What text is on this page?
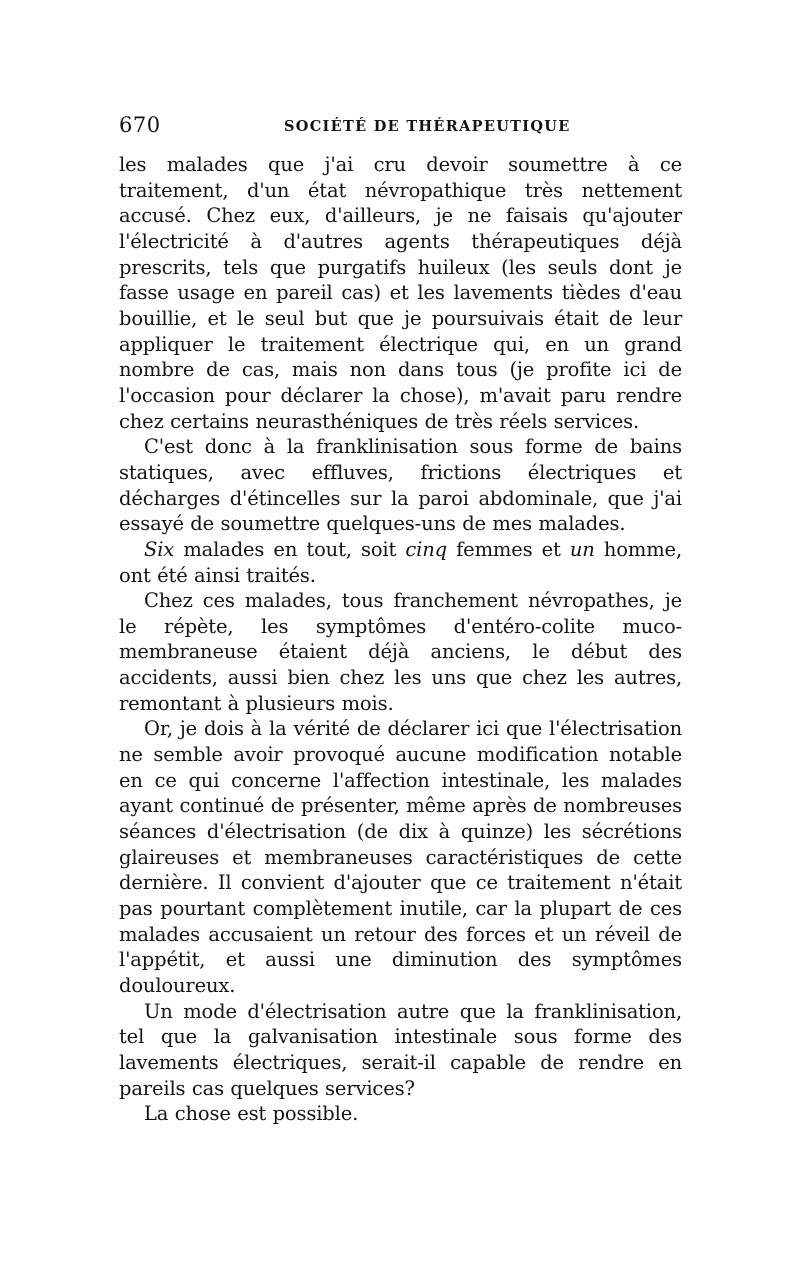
670	SOCIÉTÉ DE THÉRAPEUTIQUE

les malades que j'ai cru devoir soumettre à ce traitement, d'un état névropathique très nettement accusé. Chez eux, d'ailleurs, je ne faisais qu'ajouter l'électricité à d'autres agents thérapeutiques déjà prescrits, tels que purgatifs huileux (les seuls dont je fasse usage en pareil cas) et les lavements tièdes d'eau bouillie, et le seul but que je poursuivais était de leur appliquer le traitement électrique qui, en un grand nombre de cas, mais non dans tous (je profite ici de l'occasion pour déclarer la chose), m'avait paru rendre chez certains neurasthéniques de très réels services.

C'est donc à la franklinisation sous forme de bains statiques, avec effluves, frictions électriques et décharges d'étincelles sur la paroi abdominale, que j'ai essayé de soumettre quelques-uns de mes malades.

Six malades en tout, soit cinq femmes et un homme, ont été ainsi traités.

Chez ces malades, tous franchement névropathes, je le répète, les symptômes d'entéro-colite muco-membraneuse étaient déjà anciens, le début des accidents, aussi bien chez les uns que chez les autres, remontant à plusieurs mois.

Or, je dois à la vérité de déclarer ici que l'électrisation ne semble avoir provoqué aucune modification notable en ce qui concerne l'affection intestinale, les malades ayant continué de présenter, même après de nombreuses séances d'électrisation (de dix à quinze) les sécrétions glaireuses et membraneuses caractéristiques de cette dernière. Il convient d'ajouter que ce traitement n'était pas pourtant complètement inutile, car la plupart de ces malades accusaient un retour des forces et un réveil de l'appétit, et aussi une diminution des symptômes douloureux.

Un mode d'électrisation autre que la franklinisation, tel que la galvanisation intestinale sous forme des lavements électriques, serait-il capable de rendre en pareils cas quelques services?

La chose est possible.
